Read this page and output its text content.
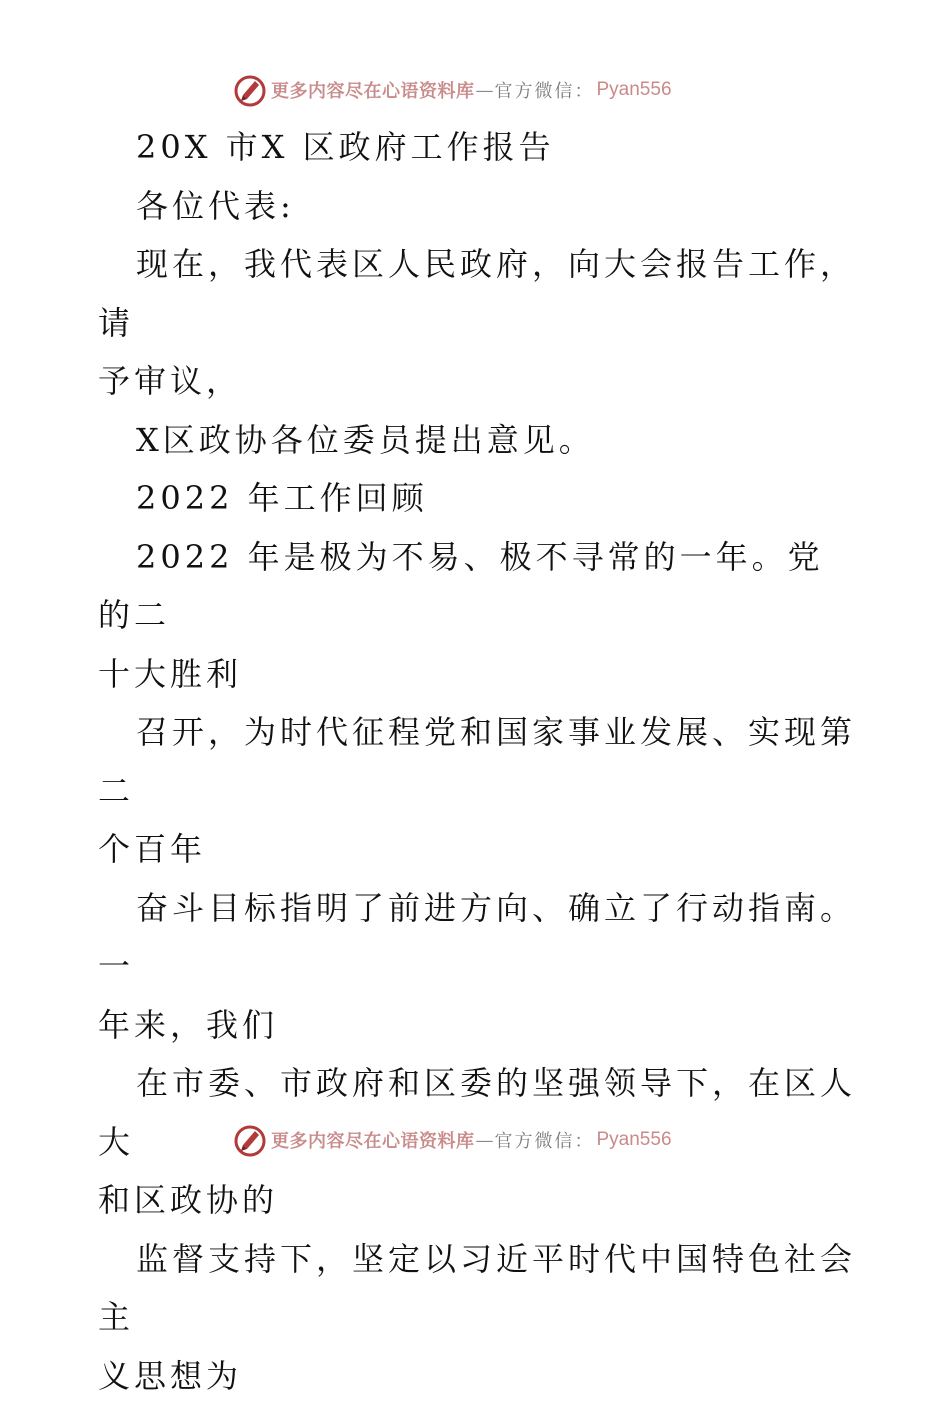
更多内容尽在心语资料库 — 官方微信： Pyan556

20X 市X 区政府工作报告

各位代表:

现在，我代表区人民政府，向大会报告工作，请

予审议，

X区政协各位委员提出意见。

2022 年工作回顾

2022 年是极为不易、极不寻常的一年。党的二

十大胜利

召开，为时代征程党和国家事业发展、实现第二

个百年

奋斗目标指明了前进方向、确立了行动指南。一

年来，我们

在市委、市政府和区委的坚强领导下，在区人大

和区政协的

监督支持下，坚定以习近平时代中国特色社会主

义思想为

更多内容尽在心语资料库 — 官方微信： Pyan556
